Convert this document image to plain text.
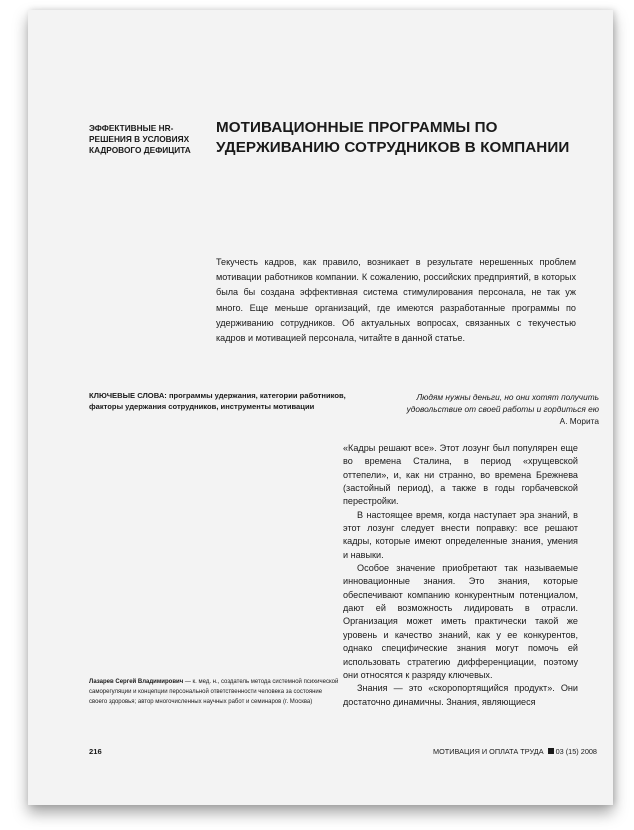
ЭФФЕКТИВНЫЕ HR-РЕШЕНИЯ В УСЛОВИЯХ КАДРОВОГО ДЕФИЦИТА
МОТИВАЦИОННЫЕ ПРОГРАММЫ ПО УДЕРЖИВАНИЮ СОТРУДНИКОВ В КОМПАНИИ

Текучесть кадров, как правило, возникает в результате нерешенных проблем мотивации работников компании. К сожалению, российских предприятий, в которых была бы создана эффективная система стимулирования персонала, не так уж много. Еще меньше организаций, где имеются разработанные программы по удерживанию сотрудников. Об актуальных вопросах, связанных с текучестью кадров и мотивацией персонала, читайте в данной статье.

КЛЮЧЕВЫЕ СЛОВА: программы удержания, категории работников, факторы удержания сотрудников, инструменты мотивации
Людям нужны деньги, но они хотят получить удовольствие от своей работы и гордиться ею
А. Морита

«Кадры решают все». Этот лозунг был популярен еще во времена Сталина, в период «хрущевской оттепели», и, как ни странно, во времена Брежнева (застойный период), а также в годы горбачевской перестройки.

В настоящее время, когда наступает эра знаний, в этот лозунг следует внести поправку: все решают кадры, которые имеют определенные знания, умения и навыки.

Особое значение приобретают так называемые инновационные знания. Это знания, которые обеспечивают компанию конкурентным потенциалом, дают ей возможность лидировать в отрасли. Организация может иметь практически такой же уровень и качество знаний, как у ее конкурентов, однако специфические знания могут помочь ей использовать стратегию дифференциации, поэтому они относятся к разряду ключевых.

Знания — это «скоропортящийся продукт». Они достаточно динамичны. Знания, являющиеся

Лазарев Сергей Владимирович — к. мед. н., создатель метода системной психической саморегуляции и концепции персональной ответственности человека за состояние своего здоровья; автор многочисленных научных работ и семинаров (г. Москва)
216	МОТИВАЦИЯ И ОПЛАТА ТРУДА 03 (15) 2008
